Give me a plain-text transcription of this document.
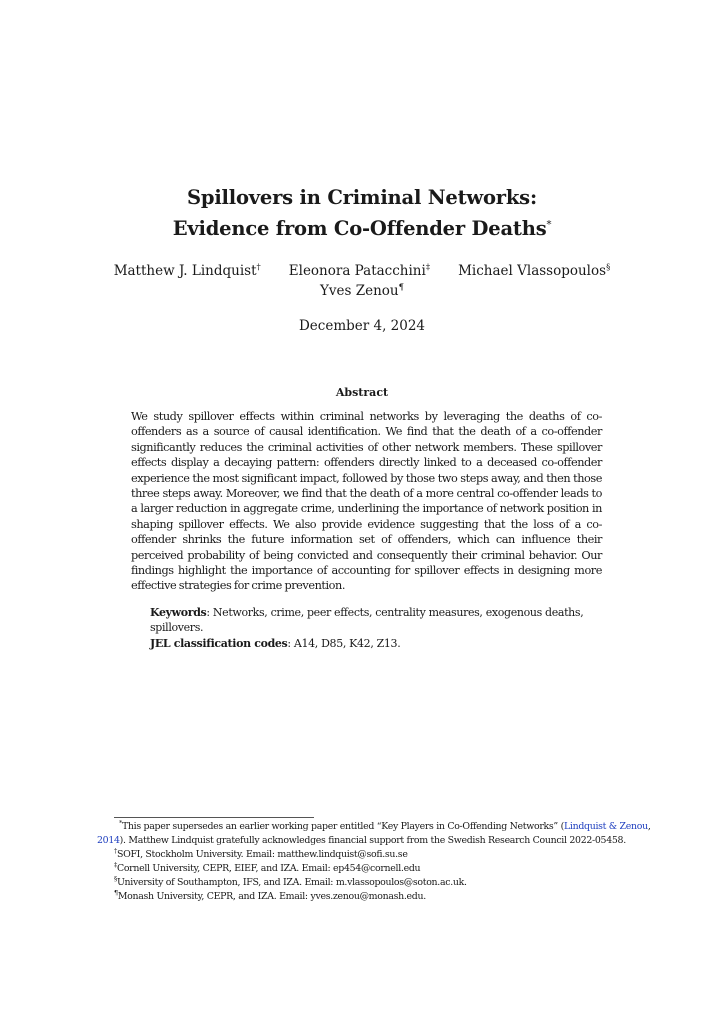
Spillovers in Criminal Networks:
Evidence from Co-Offender Deaths*
Matthew J. Lindquist† Eleonora Patacchini‡ Michael Vlassopoulos§
Yves Zenou¶
December 4, 2024
Abstract

We study spillover effects within criminal networks by leveraging the deaths of co-offenders as a source of causal identification. We find that the death of a co-offender significantly reduces the criminal activities of other network members. These spillover effects display a decaying pattern: offenders directly linked to a deceased co-offender experience the most significant impact, followed by those two steps away, and then those three steps away. Moreover, we find that the death of a more central co-offender leads to a larger reduction in aggregate crime, underlining the importance of network position in shaping spillover effects. We also provide evidence suggesting that the loss of a co-offender shrinks the future information set of offenders, which can influence their perceived probability of being convicted and consequently their criminal behavior. Our findings highlight the importance of accounting for spillover effects in designing more effective strategies for crime prevention.

Keywords: Networks, crime, peer effects, centrality measures, exogenous deaths, spillovers.
JEL classification codes: A14, D85, K42, Z13.
*This paper supersedes an earlier working paper entitled “Key Players in Co-Offending Networks” (Lindquist & Zenou,
2014). Matthew Lindquist gratefully acknowledges financial support from the Swedish Research Council 2022-05458.
†SOFI, Stockholm University. Email: matthew.lindquist@sofi.su.se
‡Cornell University, CEPR, EIEF, and IZA. Email: ep454@cornell.edu
§University of Southampton, IFS, and IZA. Email: m.vlassopoulos@soton.ac.uk.
¶Monash University, CEPR, and IZA. Email: yves.zenou@monash.edu.
